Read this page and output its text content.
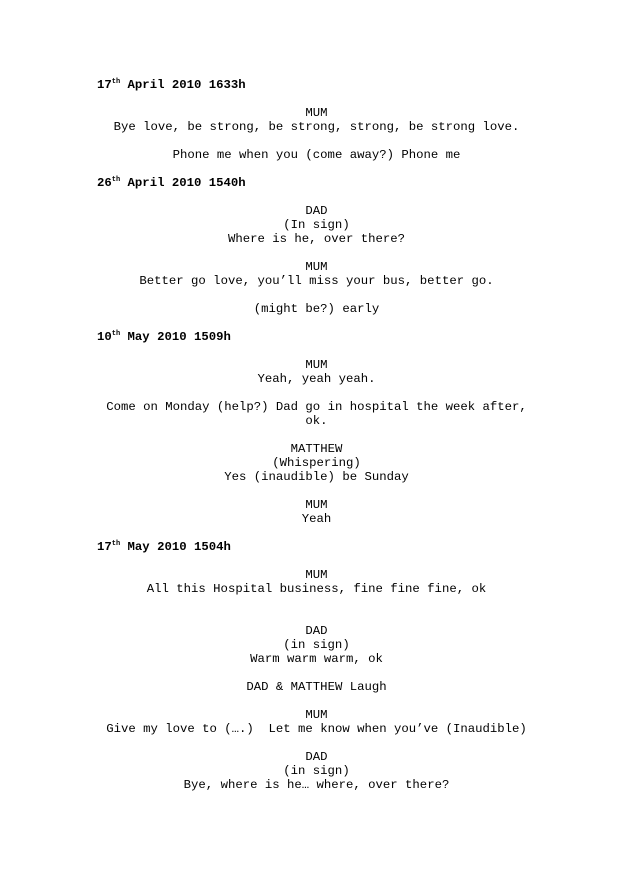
17th April 2010 1633h
MUM
Bye love, be strong, be strong, strong, be strong love.
Phone me when you (come away?) Phone me
26th April 2010 1540h
DAD
(In sign)
Where is he, over there?
MUM
Better go love, you’ll miss your bus, better go.
(might be?) early
10th May 2010 1509h
MUM
Yeah, yeah yeah.
Come on Monday (help?) Dad go in hospital the week after,
ok.
MATTHEW
(Whispering)
Yes (inaudible) be Sunday
MUM
Yeah
17th May 2010 1504h
MUM
All this Hospital business, fine fine fine, ok
DAD
(in sign)
Warm warm warm, ok
DAD & MATTHEW Laugh
MUM
Give my love to (….)  Let me know when you’ve (Inaudible)
DAD
(in sign)
Bye, where is he… where, over there?
